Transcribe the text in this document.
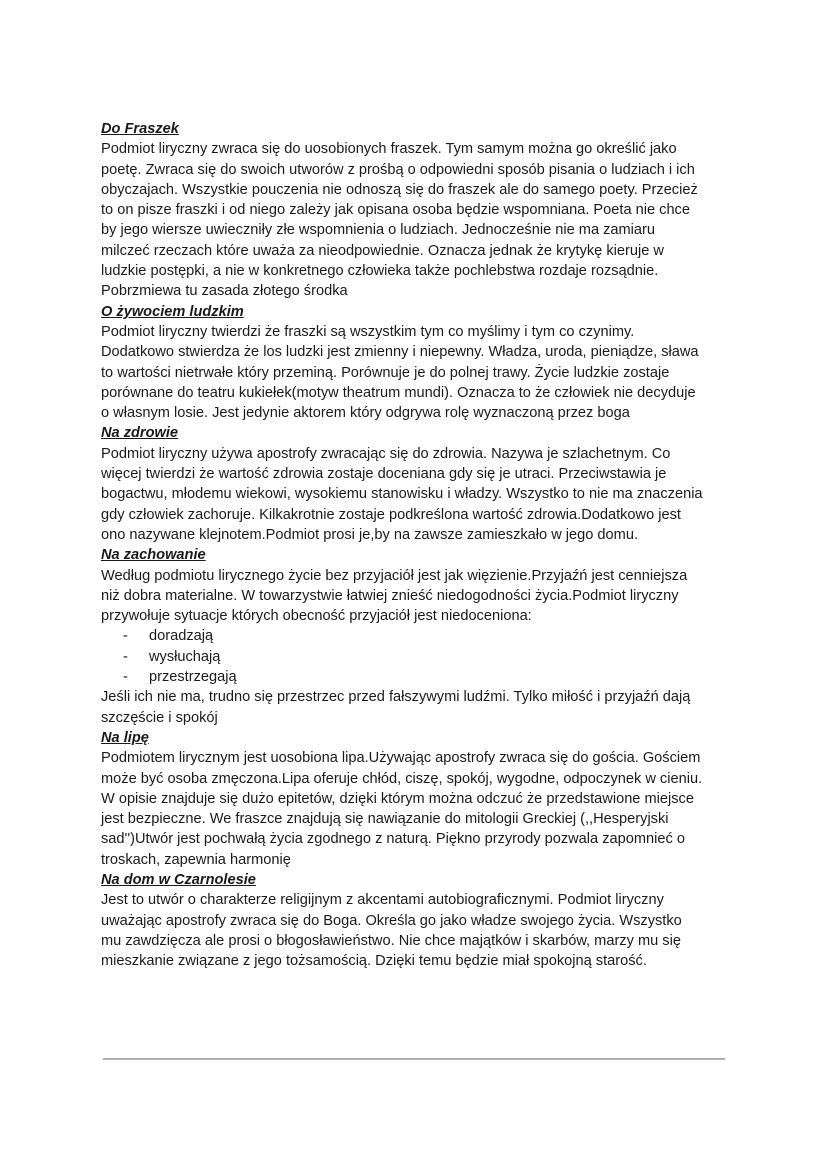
Do Fraszek

Podmiot liryczny zwraca się do uosobionych fraszek. Tym samym można go określić jako
poetę. Zwraca się do swoich utworów z prośbą o odpowiedni sposób pisania o ludziach i ich
obyczajach. Wszystkie pouczenia nie odnoszą się do fraszek ale do samego poety. Przecież
to on pisze fraszki i od niego zależy jak opisana osoba będzie wspomniana. Poeta nie chce
by jego wiersze uwieczniły złe wspomnienia o ludziach. Jednocześnie nie ma zamiaru
milczeć rzeczach które uważa za nieodpowiednie. Oznacza jednak że krytykę kieruje w
ludzkie postępki, a nie w konkretnego człowieka także pochlebstwa rozdaje rozsądnie.
Pobrzmiewa tu zasada złotego środka

O żywociem ludzkim

Podmiot liryczny twierdzi że fraszki są wszystkim tym co myślimy i tym co czynimy.
Dodatkowo stwierdza że los ludzki jest zmienny i niepewny. Władza, uroda, pieniądze, sława
to wartości nietrwałe który przeminą. Porównuje je do polnej trawy. Życie ludzkie zostaje
porównane do teatru kukiełek(motyw theatrum mundi). Oznacza to że człowiek nie decyduje
o własnym losie. Jest jedynie aktorem który odgrywa rolę wyznaczoną przez boga

Na zdrowie

Podmiot liryczny używa apostrofy zwracając się do zdrowia. Nazywa je szlachetnym. Co
więcej twierdzi że wartość zdrowia zostaje doceniana gdy się je utraci. Przeciwstawia je
bogactwu, młodemu wiekowi, wysokiemu stanowisku i władzy. Wszystko to nie ma znaczenia
gdy człowiek zachoruje. Kilkakrotnie zostaje podkreślona wartość zdrowia.Dodatkowo jest
ono nazywane klejnotem.Podmiot prosi je,by na zawsze zamieszkało w jego domu.

Na zachowanie

Według podmiotu lirycznego życie bez przyjaciół jest jak więzienie.Przyjaźń jest cenniejsza
niż dobra materialne. W towarzystwie łatwiej znieść niedogodności życia.Podmiot liryczny
przywołuje sytuacje których obecność przyjaciół jest niedoceniona:
- doradzają
- wysłuchają
- przestrzegają
Jeśli ich nie ma, trudno się przestrzec przed fałszywymi ludźmi. Tylko miłość i przyjaźń dają
szczęście i spokój

Na lipę

Podmiotem lirycznym jest uosobiona lipa.Używając apostrofy zwraca się do gościa. Gościem
może być osoba zmęczona.Lipa oferuje chłód, ciszę, spokój, wygodne, odpoczynek w cieniu.
W opisie znajduje się dużo epitetów, dzięki którym można odczuć że przedstawione miejsce
jest bezpieczne. We fraszce znajdują się nawiązanie do mitologii Greckiej (,,Hesperyjski
sad'')Utwór jest pochwałą życia zgodnego z naturą. Piękno przyrody pozwala zapomnieć o
troskach, zapewnia harmonię

Na dom w Czarnolesie

Jest to utwór o charakterze religijnym z akcentami autobiograficznymi. Podmiot liryczny
uważając apostrofy zwraca się do Boga. Określa go jako władze swojego życia. Wszystko
mu zawdzięcza ale prosi o błogosławieństwo. Nie chce majątków i skarbów, marzy mu się
mieszkanie związane z jego tożsamością. Dzięki temu będzie miał spokojną starość.
